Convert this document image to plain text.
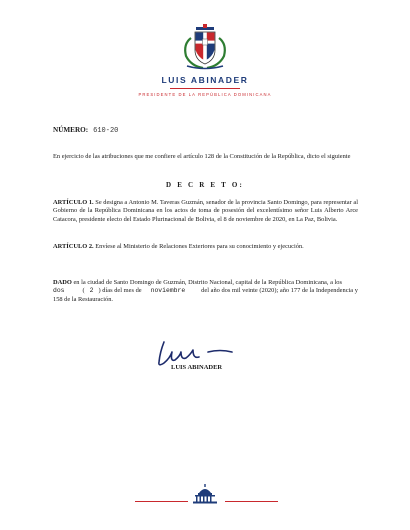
LUIS ABINADER
PRESIDENTE DE LA REPÚBLICA DOMINICANA
NÚMERO: 610-20
En ejercicio de las atribuciones que me confiere el artículo 128 de la Constitución de la República, dicto el siguiente
D E C R E T O:
ARTÍCULO 1. Se designa a Antonio M. Taveras Guzmán, senador de la provincia Santo Domingo, para representar al Gobierno de la República Dominicana en los actos de toma de posesión del excelentísimo señor Luis Alberto Arce Catacora, presidente electo del Estado Plurinacional de Bolivia, el 8 de noviembre de 2020, en La Paz, Bolivia.
ARTÍCULO 2. Envíese al Ministerio de Relaciones Exteriores para su conocimiento y ejecución.
DADO en la ciudad de Santo Domingo de Guzmán, Distrito Nacional, capital de la República Dominicana, a losdos	( 2 ) días del mes de noviembre	del año dos mil veinte (2020); año 177 de la Independencia y 158 de la Restauración.
LUIS ABINADER
